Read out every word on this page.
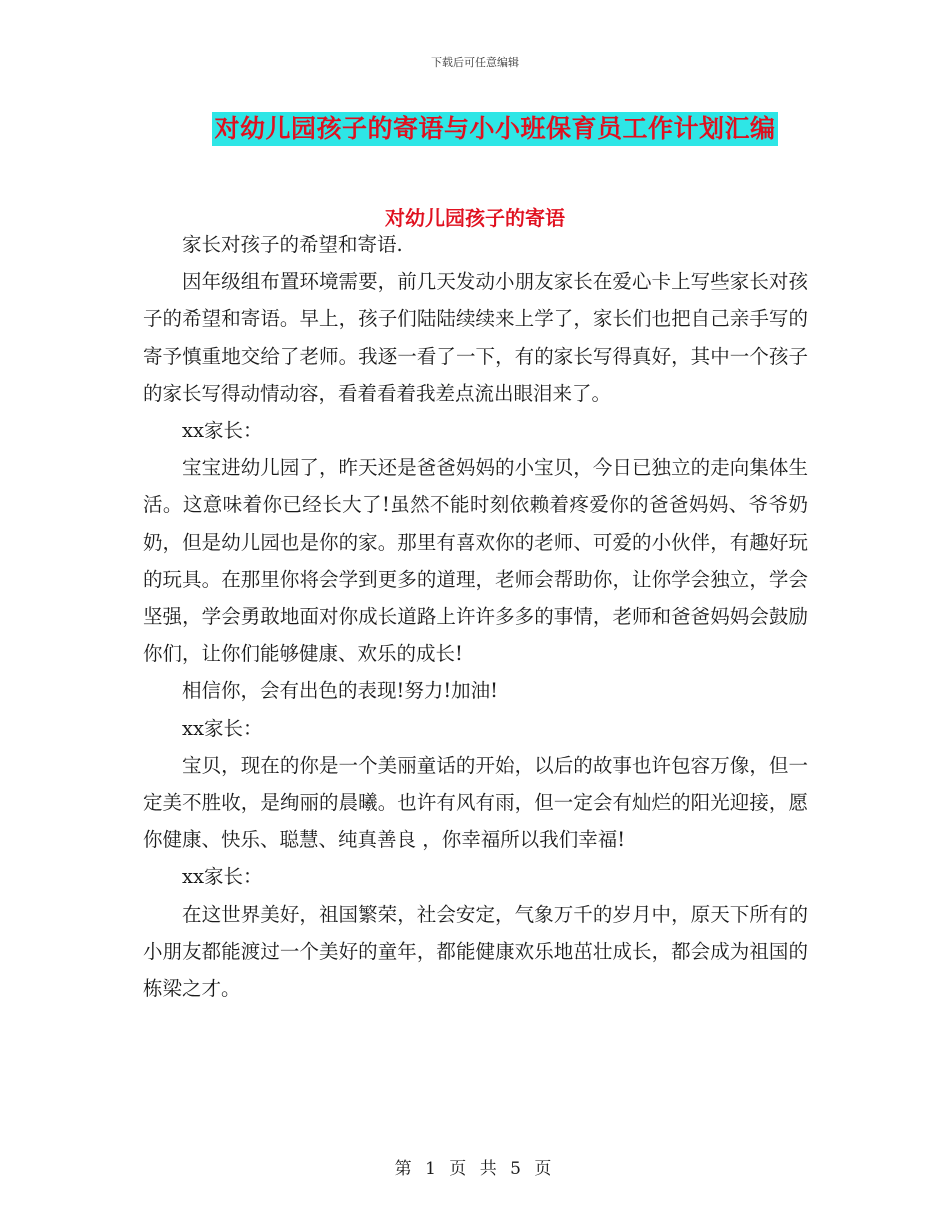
下载后可任意编辑
对幼儿园孩子的寄语与小小班保育员工作计划汇编
对幼儿园孩子的寄语

家长对孩子的希望和寄语.

因年级组布置环境需要，前几天发动小朋友家长在爱心卡上写些家长对孩子的希望和寄语。早上，孩子们陆陆续续来上学了，家长们也把自己亲手写的寄予慎重地交给了老师。我逐一看了一下，有的家长写得真好，其中一个孩子的家长写得动情动容，看着看着我差点流出眼泪来了。

xx家长：

宝宝进幼儿园了，昨天还是爸爸妈妈的小宝贝，今日已独立的走向集体生活。这意味着你已经长大了!虽然不能时刻依赖着疼爱你的爸爸妈妈、爷爷奶奶，但是幼儿园也是你的家。那里有喜欢你的老师、可爱的小伙伴，有趣好玩的玩具。在那里你将会学到更多的道理，老师会帮助你，让你学会独立，学会坚强，学会勇敢地面对你成长道路上许许多多的事情，老师和爸爸妈妈会鼓励你们，让你们能够健康、欢乐的成长!

相信你，会有出色的表现!努力!加油!

xx家长：

宝贝，现在的你是一个美丽童话的开始，以后的故事也许包容万像，但一定美不胜收，是绚丽的晨曦。也许有风有雨，但一定会有灿烂的阳光迎接，愿你健康、快乐、聪慧、纯真善良 ，你幸福所以我们幸福!

xx家长：

在这世界美好，祖国繁荣，社会安定，气象万千的岁月中，原天下所有的小朋友都能渡过一个美好的童年，都能健康欢乐地茁壮成长，都会成为祖国的栋梁之才。

第 1 页 共 5 页
